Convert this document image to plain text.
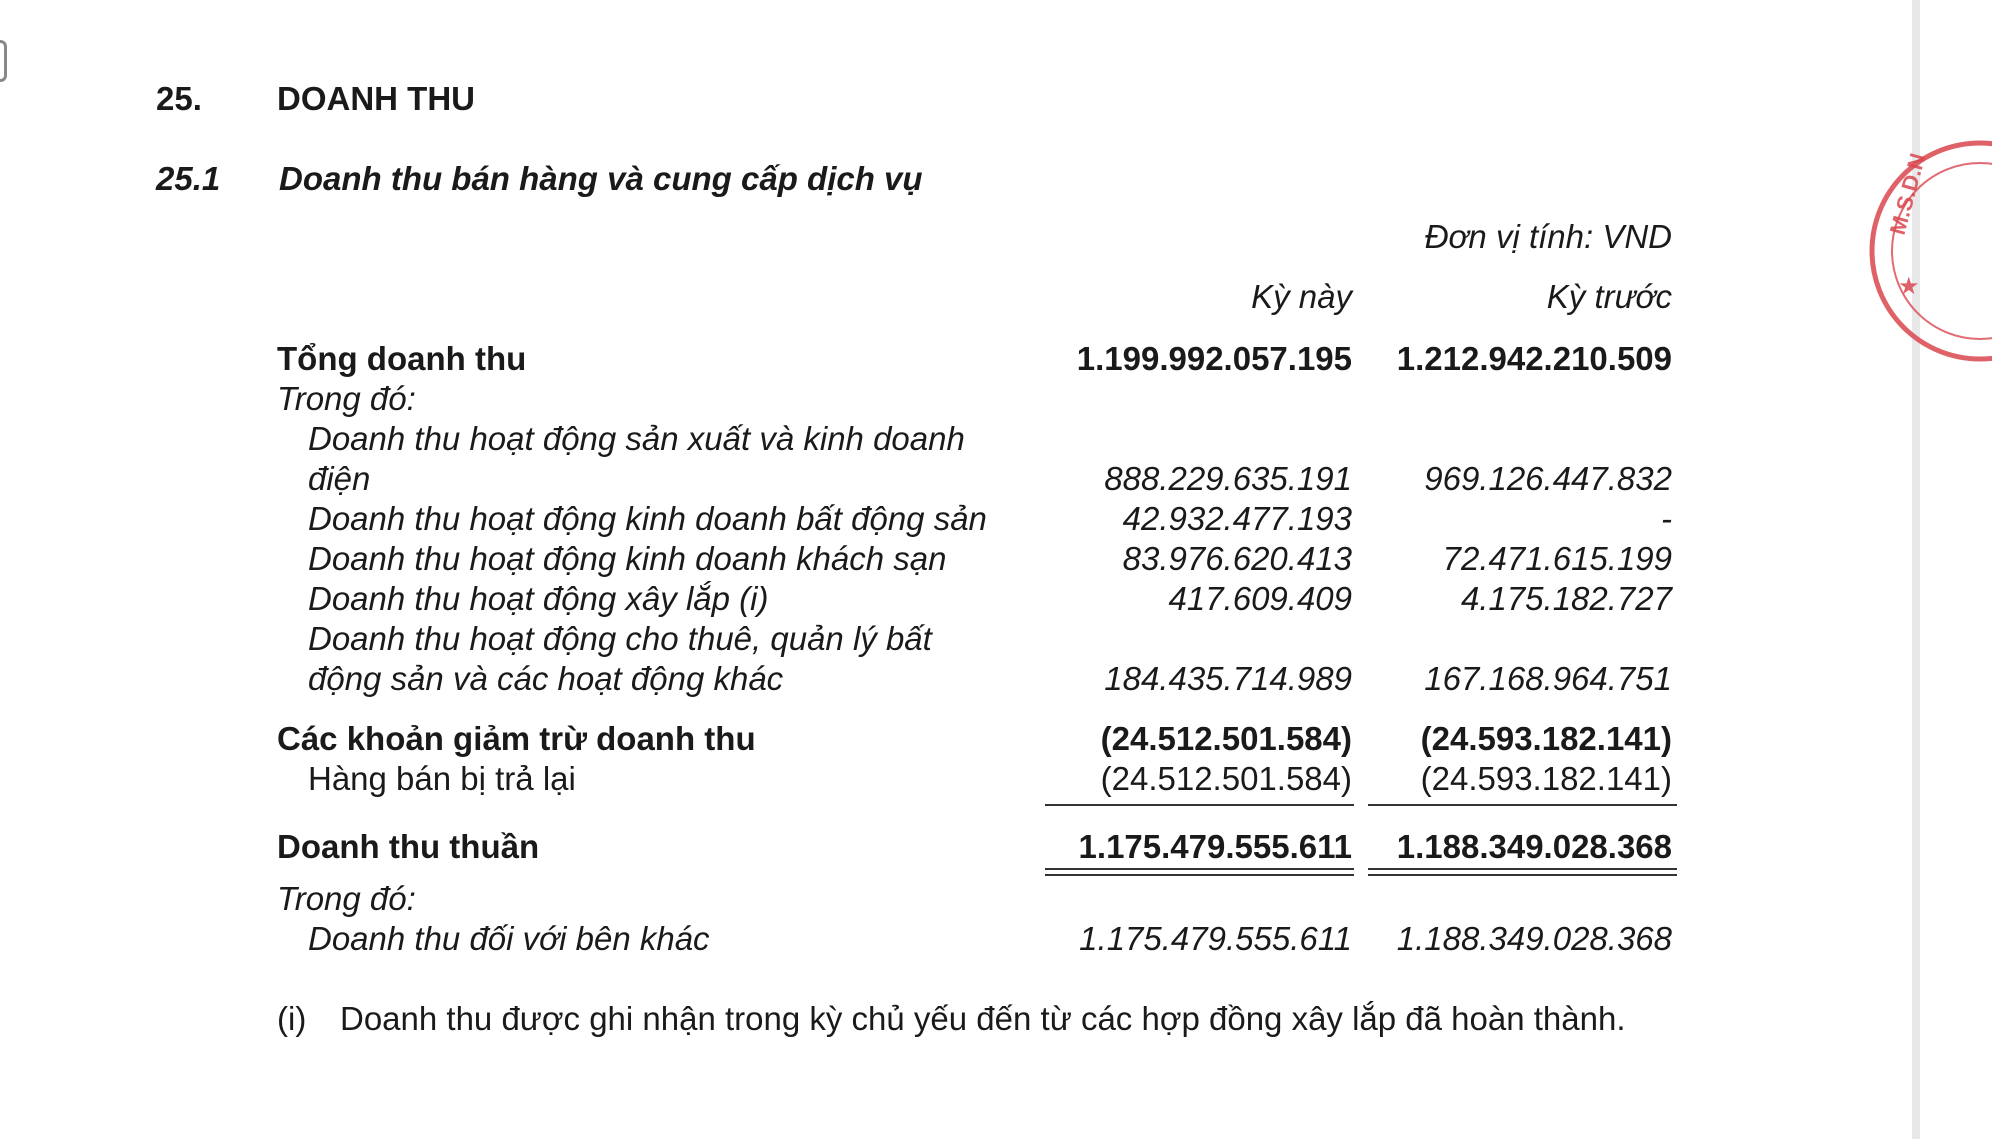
25. DOANH THU
25.1 Doanh thu bán hàng và cung cấp dịch vụ
Đơn vị tính: VND
Kỳ này	Kỳ trước
Tổng doanh thu	1.199.992.057.195 1.212.942.210.509
Trong đó:
Doanh thu hoạt động sản xuất và kinh doanh
điện	888.229.635.191 969.126.447.832
Doanh thu hoạt động kinh doanh bất động sản	42.932.477.193	-
Doanh thu hoạt động kinh doanh khách sạn	83.976.620.413	72.471.615.199
Doanh thu hoạt động xây lắp (i)	417.609.409	4.175.182.727
Doanh thu hoạt động cho thuê, quản lý bất
động sản và các hoạt động khác	184.435.714.989 167.168.964.751
Các khoản giảm trừ doanh thu	(24.512.501.584) (24.593.182.141)
Hàng bán bị trả lại	(24.512.501.584) (24.593.182.141)
Doanh thu thuần	1.175.479.555.611 1.188.349.028.368
Trong đó:
Doanh thu đối với bên khác	1.175.479.555.611 1.188.349.028.368
(i) Doanh thu được ghi nhận trong kỳ chủ yếu đến từ các hợp đồng xây lắp đã hoàn thành.
M.S.D.N
★
